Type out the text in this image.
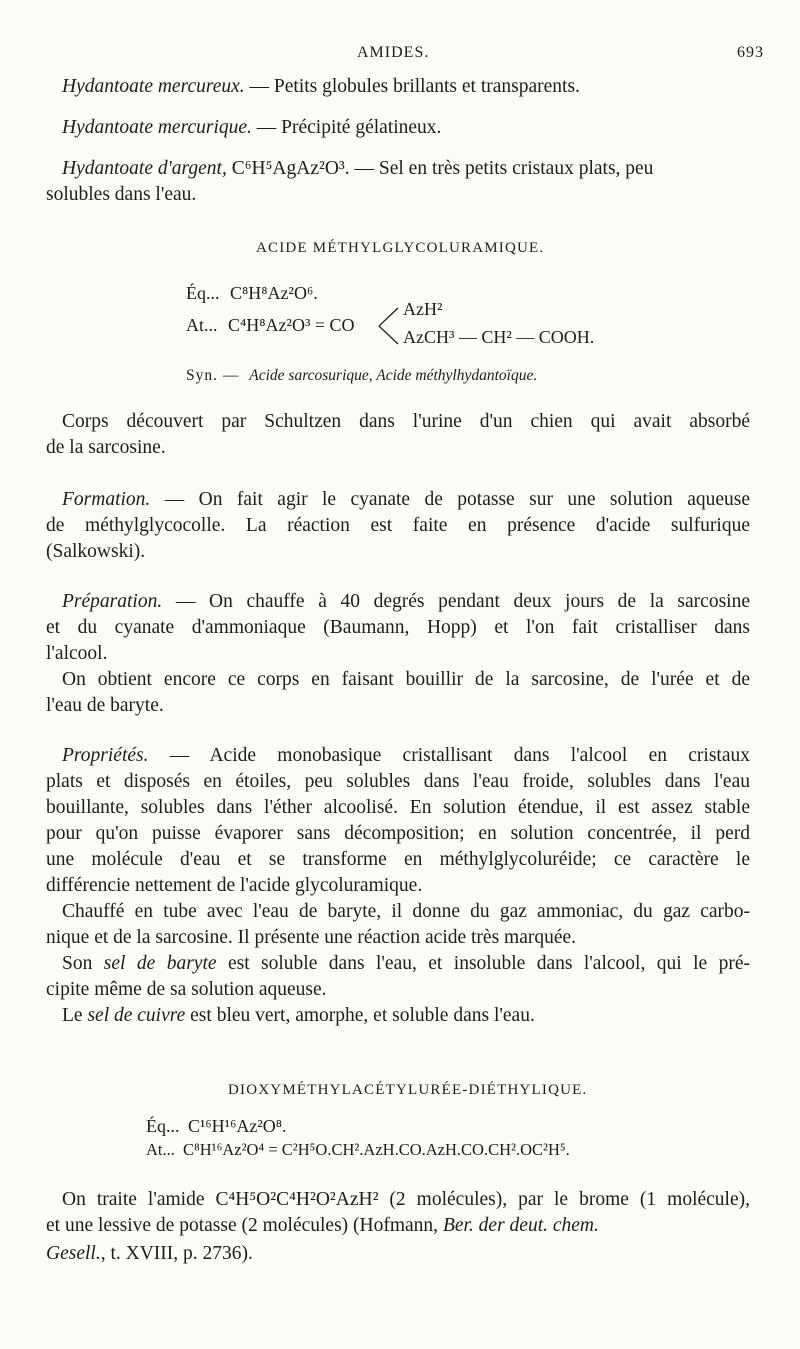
AMIDES.	693
Hydantoate mercureux. — Petits globules brillants et transparents.
Hydantoate mercurique. — Précipité gélatineux.
Hydantoate d'argent, C⁶H⁵AgAz²O³. — Sel en très petits cristaux plats, peu
solubles dans l'eau.
ACIDE MÉTHYLGLYCOLURAMIQUE.
Éq... C⁸H⁸Az²O⁶.
At... C⁴H⁸Az²O³ = CO
AzH²
AzCH³ — CH² — COOH.
Syn. — Acide sarcosurique, Acide méthylhydantoïque.
Corps découvert par Schultzen dans l'urine d'un chien qui avait absorbé
de la sarcosine.
Formation. — On fait agir le cyanate de potasse sur une solution aqueuse
de méthylglycocolle. La réaction est faite en présence d'acide sulfurique
(Salkowski).
Préparation. — On chauffe à 40 degrés pendant deux jours de la sarcosine
et du cyanate d'ammoniaque (Baumann, Hopp) et l'on fait cristalliser dans
l'alcool.
On obtient encore ce corps en faisant bouillir de la sarcosine, de l'urée et de
l'eau de baryte.
Propriétés. — Acide monobasique cristallisant dans l'alcool en cristaux
plats et disposés en étoiles, peu solubles dans l'eau froide, solubles dans l'eau
bouillante, solubles dans l'éther alcoolisé. En solution étendue, il est assez stable
pour qu'on puisse évaporer sans décomposition; en solution concentrée, il perd
une molécule d'eau et se transforme en méthylglycoluréide; ce caractère le
différencie nettement de l'acide glycoluramique.
Chauffé en tube avec l'eau de baryte, il donne du gaz ammoniac, du gaz carbo-
nique et de la sarcosine. Il présente une réaction acide très marquée.
Son sel de baryte est soluble dans l'eau, et insoluble dans l'alcool, qui le pré-
cipite même de sa solution aqueuse.
Le sel de cuivre est bleu vert, amorphe, et soluble dans l'eau.
DIOXYMÉTHYLACÉTYLURÉE-DIÉTHYLIQUE.
Éq... C¹⁶H¹⁶Az²O⁸.
At... C⁸H¹⁶Az²O⁴ = C²H⁵O.CH².AzH.CO.AzH.CO.CH².OC²H⁵.
On traite l'amide C⁴H⁵O²C⁴H²O²AzH² (2 molécules), par le brome (1 molécule),
et une lessive de potasse (2 molécules) (Hofmann, Ber. der deut. chem.
Gesell., t. XVIII, p. 2736).
